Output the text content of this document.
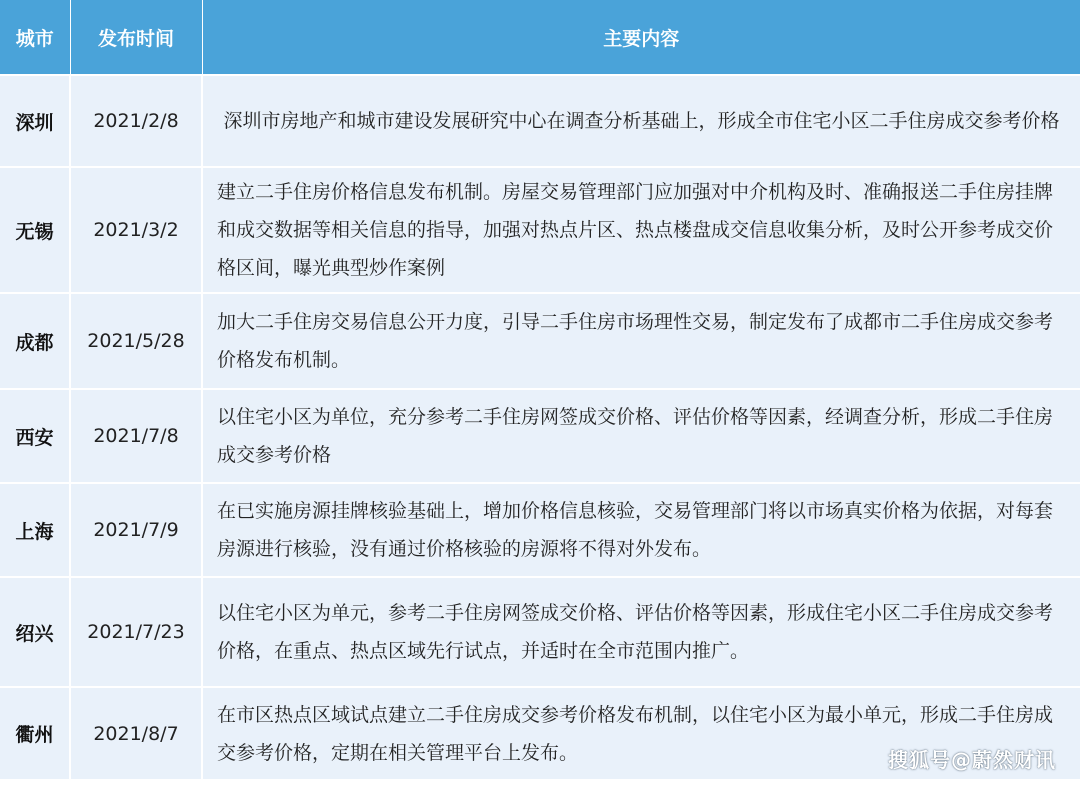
城市	发布时间	主要内容
深圳	2021/2/8	深圳市房地产和城市建设发展研究中心在调查分析基础上，形成全市住宅小区二手住房成交参考价格
无锡	2021/3/2	建立二手住房价格信息发布机制。房屋交易管理部门应加强对中介机构及时、准确报送二手住房挂牌和成交数据等相关信息的指导，加强对热点片区、热点楼盘成交信息收集分析，及时公开参考成交价格区间，曝光典型炒作案例
成都	2021/5/28	加大二手住房交易信息公开力度，引导二手住房市场理性交易，制定发布了成都市二手住房成交参考价格发布机制。
西安	2021/7/8	以住宅小区为单位，充分参考二手住房网签成交价格、评估价格等因素，经调查分析，形成二手住房成交参考价格
上海	2021/7/9	在已实施房源挂牌核验基础上，增加价格信息核验，交易管理部门将以市场真实价格为依据，对每套房源进行核验，没有通过价格核验的房源将不得对外发布。
绍兴	2021/7/23	以住宅小区为单元，参考二手住房网签成交价格、评估价格等因素，形成住宅小区二手住房成交参考价格，在重点、热点区域先行试点，并适时在全市范围内推广。
衢州	2021/8/7	在市区热点区域试点建立二手住房成交参考价格发布机制，以住宅小区为最小单元，形成二手住房成交参考价格，定期在相关管理平台上发布。	搜狐号@蔚然财讯
